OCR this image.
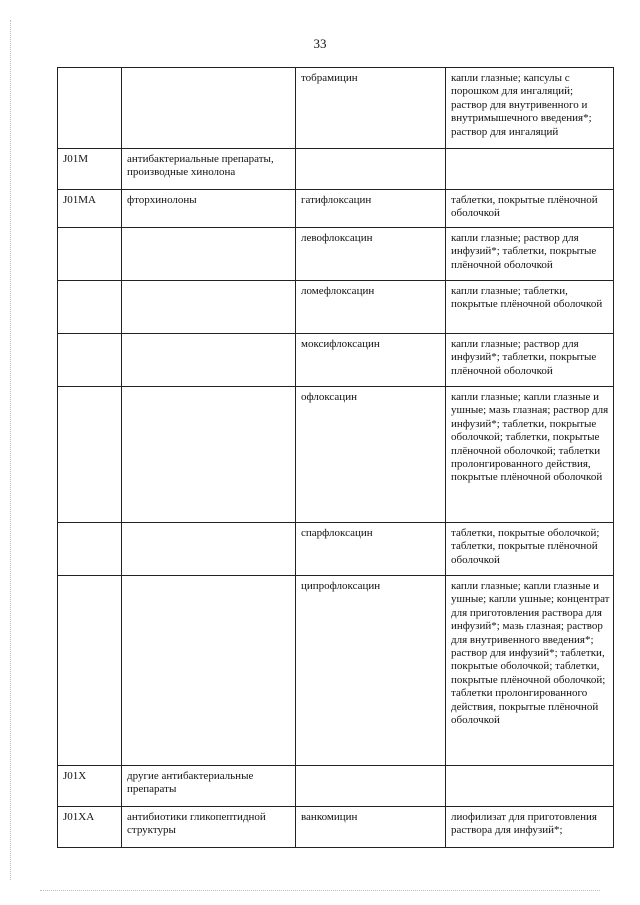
33
		тобрамицин	капли глазные; капсулы с порошком для ингаляций; раствор для внутривенного и внутримышечного введения*; раствор для ингаляций
J01M	антибактериальные препараты, производные хинолона		
J01MA	фторхинолоны	гатифлоксацин	таблетки, покрытые плёночной оболочкой
		левофлоксацин	капли глазные; раствор для инфузий*; таблетки, покрытые плёночной оболочкой
		ломефлоксацин	капли глазные; таблетки, покрытые плёночной оболочкой
		моксифлоксацин	капли глазные; раствор для инфузий*; таблетки, покрытые плёночной оболочкой
		офлоксацин	капли глазные; капли глазные и ушные; мазь глазная; раствор для инфузий*; таблетки, покрытые оболочкой; таблетки, покрытые плёночной оболочкой; таблетки пролонгированного действия, покрытые плёночной оболочкой
		спарфлоксацин	таблетки, покрытые оболочкой; таблетки, покрытые плёночной оболочкой
		ципрофлоксацин	капли глазные; капли глазные и ушные; капли ушные; концентрат для приготовления раствора для инфузий*; мазь глазная; раствор для внутривенного введения*; раствор для инфузий*; таблетки, покрытые оболочкой; таблетки, покрытые плёночной оболочкой; таблетки пролонгированного действия, покрытые плёночной оболочкой
J01X	другие антибактериальные препараты		
J01XA	антибиотики гликопептидной структуры	ванкомицин	лиофилизат для приготовления раствора для инфузий*;
